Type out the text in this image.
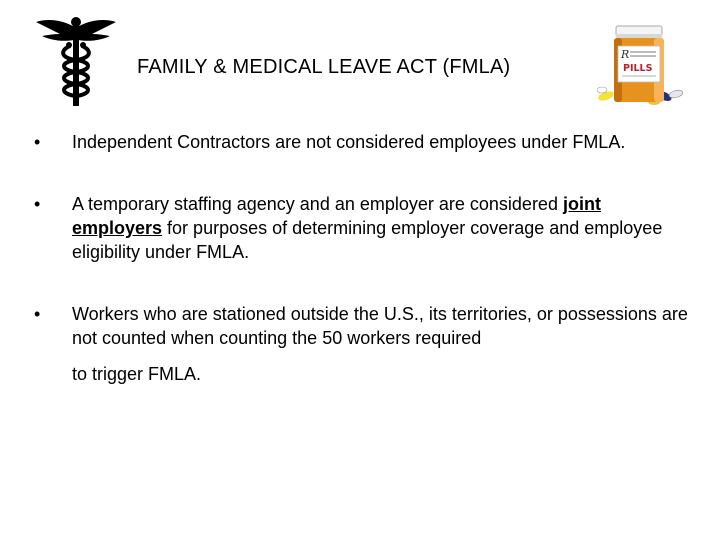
FAMILY & MEDICAL LEAVE ACT (FMLA)
R
PILLS
•	Independent Contractors are not considered employees under FMLA.
•	A temporary staffing agency and an employer are considered joint employers for purposes of determining employer coverage and employee eligibility under FMLA.
•	Workers who are stationed outside the U.S., its territories, or possessions are not counted when counting the 50 workers required
to trigger FMLA.
